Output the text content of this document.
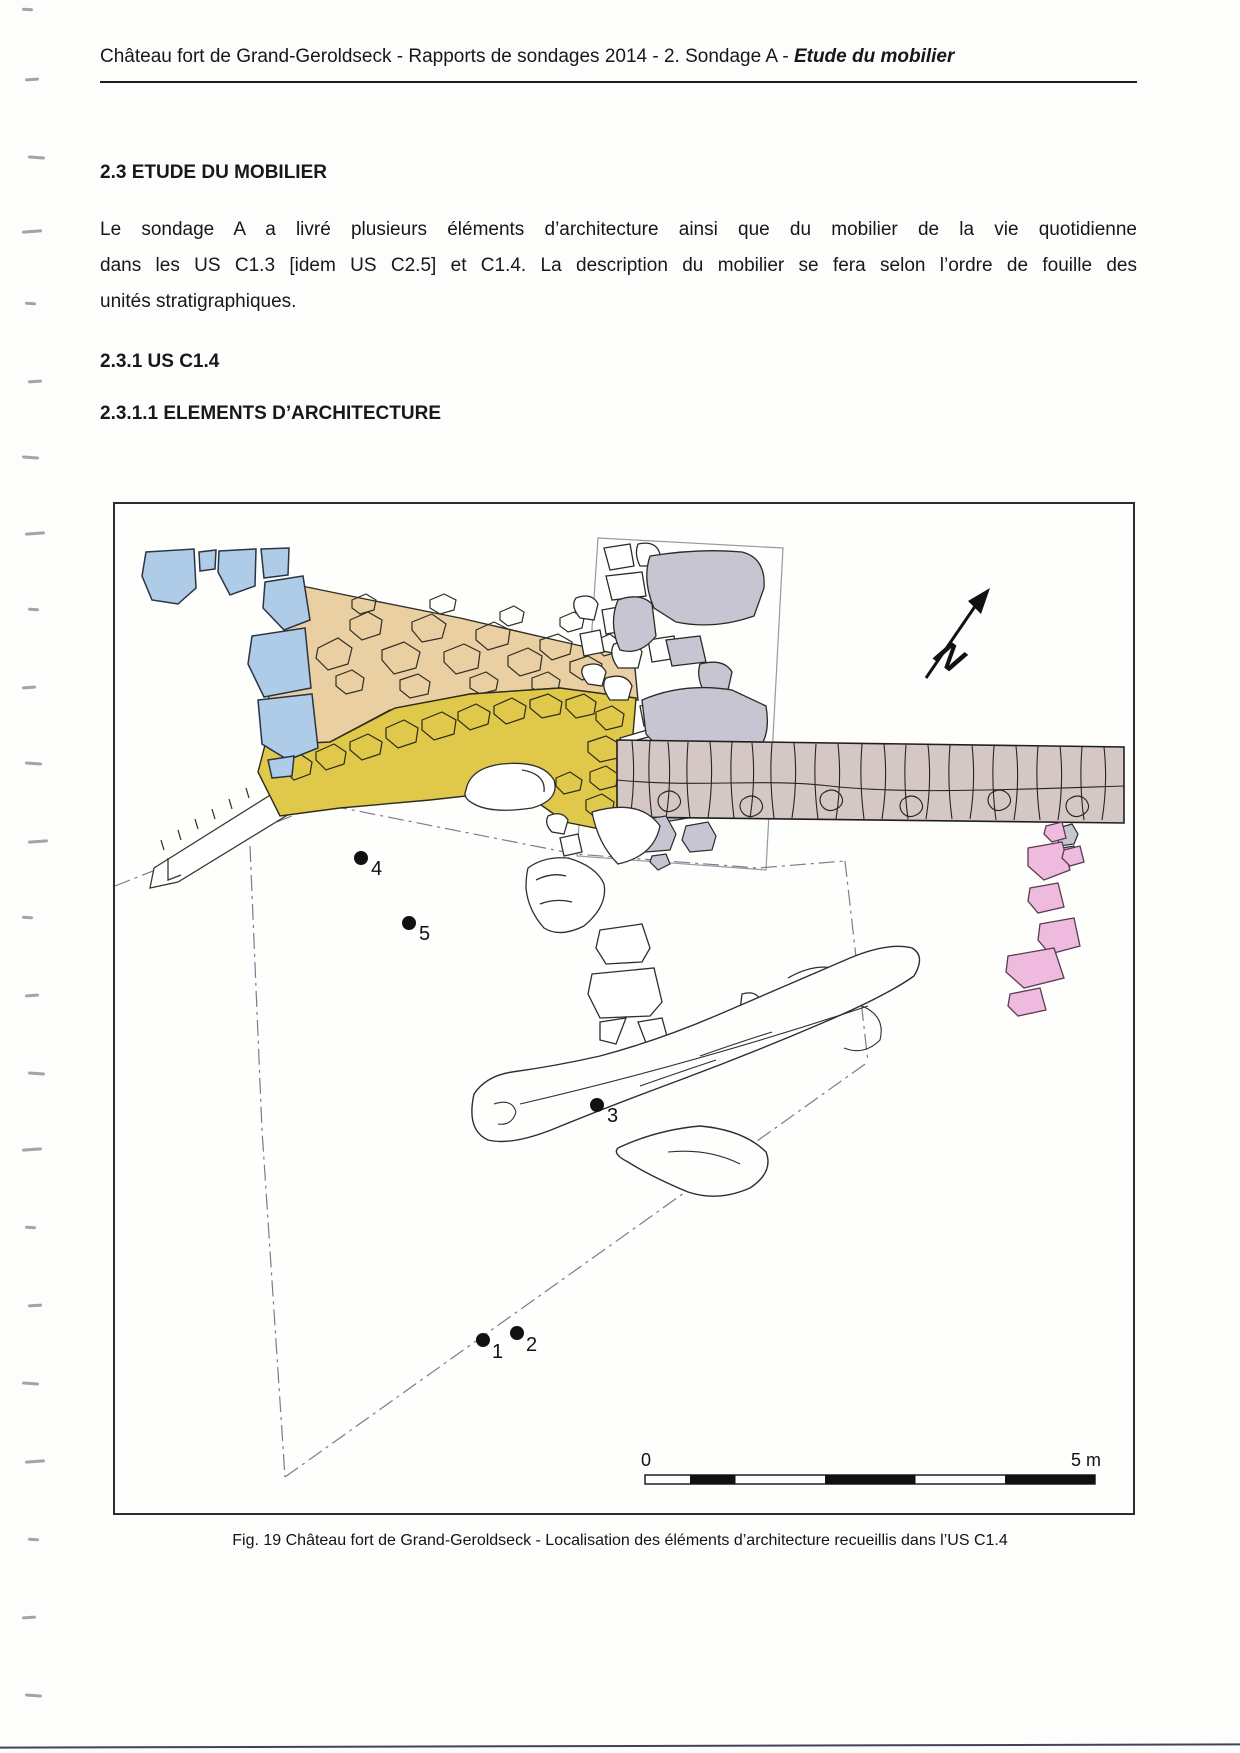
Château fort de Grand-Geroldseck - Rapports de sondages 2014 - 2. Sondage A - Etude du mobilier
2.3 ETUDE DU MOBILIER
Le sondage A a livré plusieurs éléments d’architecture ainsi que du mobilier de la vie quotidienne
dans les US C1.3 [idem US C2.5] et C1.4. La description du mobilier se fera selon l’ordre de fouille des
unités stratigraphiques.
2.3.1 US C1.4
2.3.1.1 ELEMENTS D’ARCHITECTURE
1 2
3
4
5
N
0	5 m
Fig. 19 Château fort de Grand-Geroldseck - Localisation des éléments d’architecture recueillis dans l’US C1.4
